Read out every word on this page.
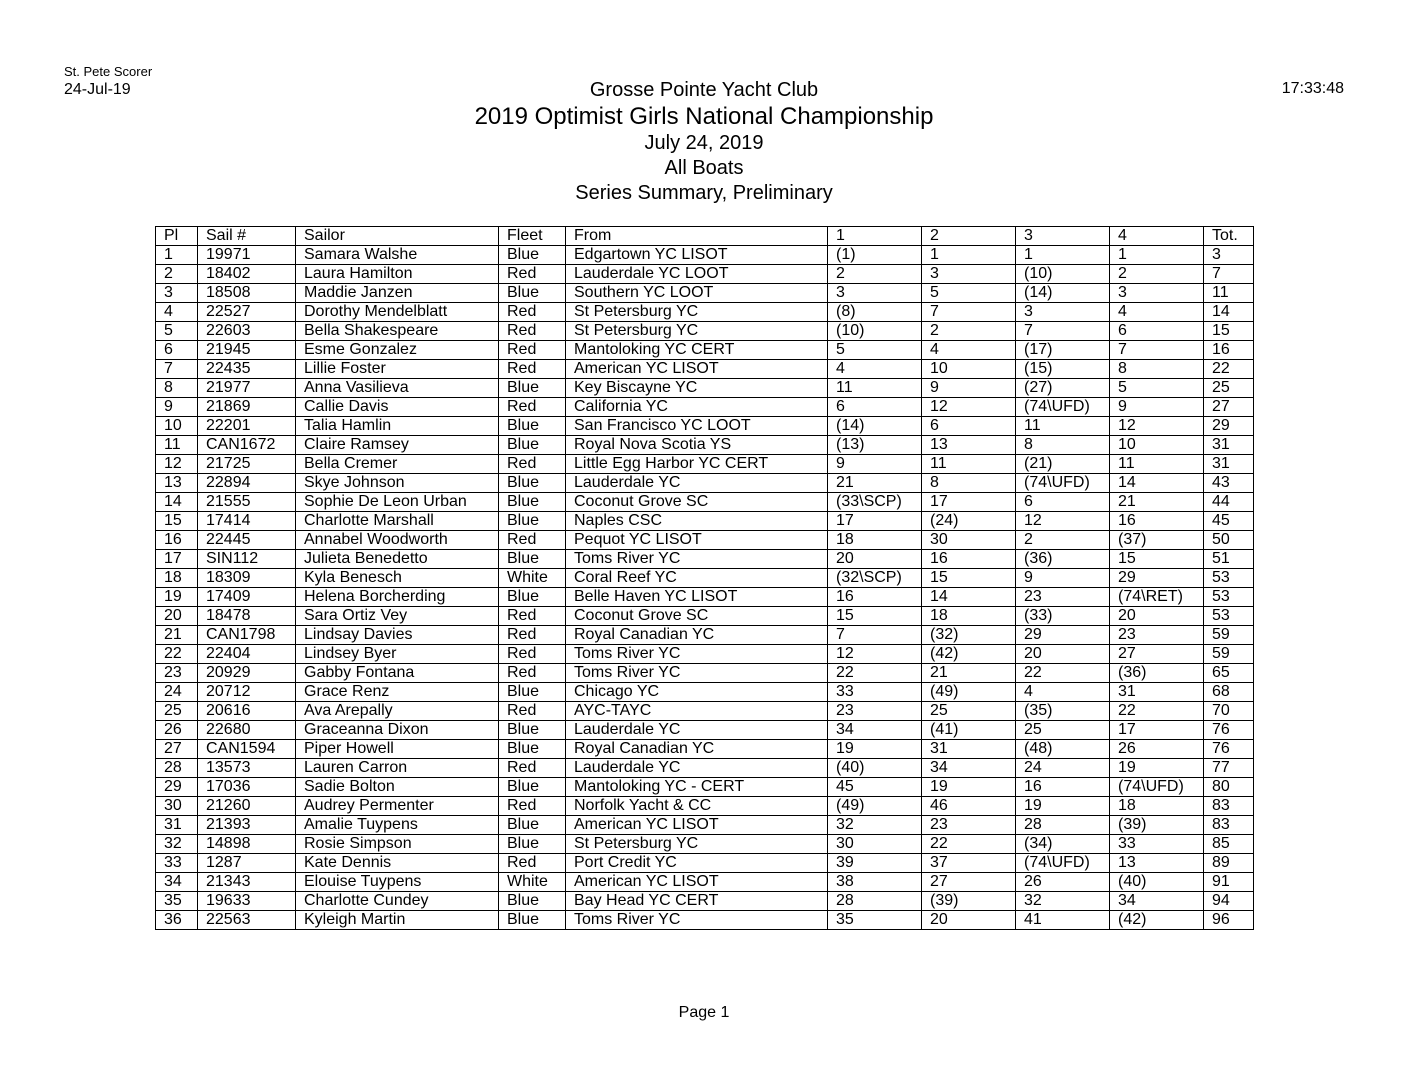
St. Pete Scorer
24-Jul-19	17:33:48
Grosse Pointe Yacht Club
2019 Optimist Girls National Championship
July 24, 2019
All Boats
Series Summary, Preliminary
Pl	Sail #	Sailor	Fleet	From	1	2	3	4	Tot.
1	19971	Samara Walshe	Blue	Edgartown YC LISOT	(1)	1	1	1	3
2	18402	Laura Hamilton	Red	Lauderdale YC LOOT	2	3	(10)	2	7
3	18508	Maddie Janzen	Blue	Southern YC LOOT	3	5	(14)	3	11
4	22527	Dorothy Mendelblatt	Red	St Petersburg YC	(8)	7	3	4	14
5	22603	Bella Shakespeare	Red	St Petersburg YC	(10)	2	7	6	15
6	21945	Esme Gonzalez	Red	Mantoloking YC CERT	5	4	(17)	7	16
7	22435	Lillie Foster	Red	American YC LISOT	4	10	(15)	8	22
8	21977	Anna Vasilieva	Blue	Key Biscayne YC	11	9	(27)	5	25
9	21869	Callie Davis	Red	California YC	6	12	(74\UFD)	9	27
10	22201	Talia Hamlin	Blue	San Francisco YC LOOT	(14)	6	11	12	29
11	CAN1672	Claire Ramsey	Blue	Royal Nova Scotia YS	(13)	13	8	10	31
12	21725	Bella Cremer	Red	Little Egg Harbor YC CERT	9	11	(21)	11	31
13	22894	Skye Johnson	Blue	Lauderdale YC	21	8	(74\UFD)	14	43
14	21555	Sophie De Leon Urban	Blue	Coconut Grove SC	(33\SCP)	17	6	21	44
15	17414	Charlotte Marshall	Blue	Naples CSC	17	(24)	12	16	45
16	22445	Annabel Woodworth	Red	Pequot YC LISOT	18	30	2	(37)	50
17	SIN112	Julieta Benedetto	Blue	Toms River YC	20	16	(36)	15	51
18	18309	Kyla Benesch	White	Coral Reef YC	(32\SCP)	15	9	29	53
19	17409	Helena Borcherding	Blue	Belle Haven YC LISOT	16	14	23	(74\RET)	53
20	18478	Sara Ortiz Vey	Red	Coconut Grove SC	15	18	(33)	20	53
21	CAN1798	Lindsay Davies	Red	Royal Canadian YC	7	(32)	29	23	59
22	22404	Lindsey Byer	Red	Toms River YC	12	(42)	20	27	59
23	20929	Gabby Fontana	Red	Toms River YC	22	21	22	(36)	65
24	20712	Grace Renz	Blue	Chicago YC	33	(49)	4	31	68
25	20616	Ava Arepally	Red	AYC-TAYC	23	25	(35)	22	70
26	22680	Graceanna Dixon	Blue	Lauderdale YC	34	(41)	25	17	76
27	CAN1594	Piper Howell	Blue	Royal Canadian YC	19	31	(48)	26	76
28	13573	Lauren Carron	Red	Lauderdale YC	(40)	34	24	19	77
29	17036	Sadie Bolton	Blue	Mantoloking YC - CERT	45	19	16	(74\UFD)	80
30	21260	Audrey Permenter	Red	Norfolk Yacht & CC	(49)	46	19	18	83
31	21393	Amalie Tuypens	Blue	American YC LISOT	32	23	28	(39)	83
32	14898	Rosie Simpson	Blue	St Petersburg YC	30	22	(34)	33	85
33	1287	Kate Dennis	Red	Port Credit YC	39	37	(74\UFD)	13	89
34	21343	Elouise Tuypens	White	American YC LISOT	38	27	26	(40)	91
35	19633	Charlotte Cundey	Blue	Bay Head YC CERT	28	(39)	32	34	94
36	22563	Kyleigh Martin	Blue	Toms River YC	35	20	41	(42)	96
Page 1
